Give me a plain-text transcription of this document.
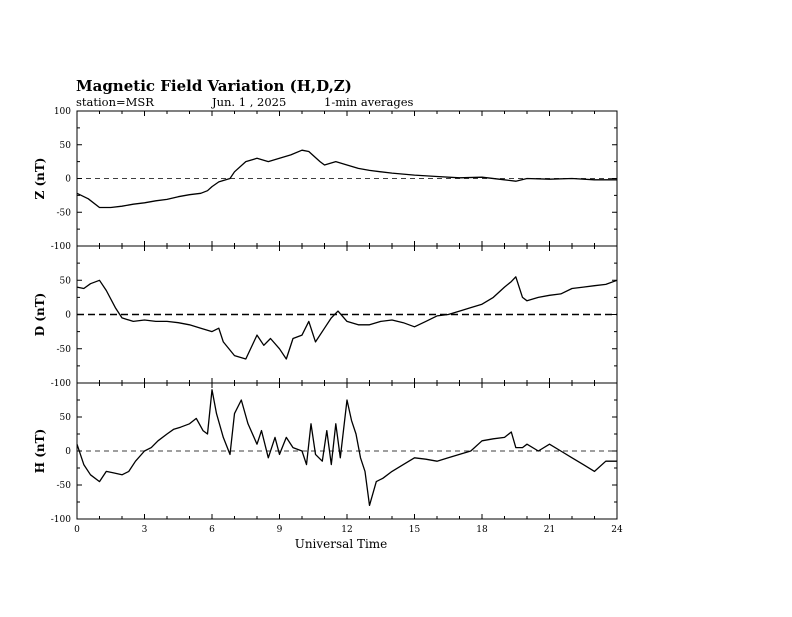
Magnetic Field Variation (H,D,Z)
station=MSR	Jun. 1 , 2025	1-min averages
-100
-50
0
50
100
Z (nT)
-100
-50
0
50
D (nT)
-100
-50
0
50
0	3	6	9	12	15	18	21	24
H (nT)
Universal Time
